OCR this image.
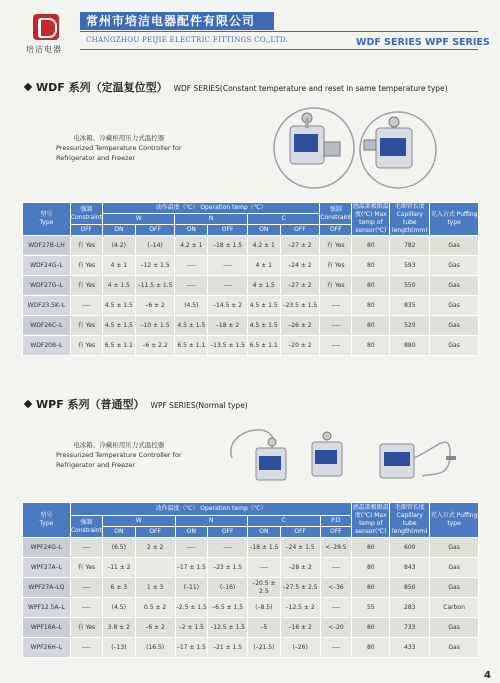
培洁电器
常州市培洁电器配件有限公司
CHANGZHOU PEIJIE ELECTRIC FITTINGS CO.,LTD.	WDF SERIES WPF SERIES
WDF 系列（定温复位型） WDF SERIES(Constant temperature and reset in same temperature type)
电冰箱、冷藏柜用压力式温控器
Pressurized Temperature Controller for
Refrigerator and Freezer
型号
Type	强制
Constraint	动作温度（℃） Operation temp（℃）						强制
Constraint	感温部极限温度(℃) Max temp of sensor(℃)	毛细管长度 Capillary tube length(mm)	充入方式 Puffing type
		W		N		C					
	OFF	ON	OFF	ON	OFF	ON	OFF	OFF			
WDF27B–LH	有 Yes	(4.2)	(–14)	4.2 ± 1	–18 ± 1.5	4.2 ± 1	–27 ± 2	有 Yes	80	782	Gas
WDF24G–L	有 Yes	4 ± 1	–12 ± 1.5	----	----	4 ± 1	–24 ± 2	有 Yes	80	593	Gas
WDF27G–L	有 Yes	4 ± 1.5	–11.5 ± 1.5	----	----	4 ± 1.5	–27 ± 2	有 Yes	80	550	Gas
WDF23.5K–L	----	4.5 ± 1.5	–6 ± 2	(4.5)	–14.5 ± 2	4.5 ± 1.5	–23.5 ± 1.5	----	80	835	Gas
WDF26C–L	有 Yes	4.5 ± 1.5	–10 ± 1.5	4.5 ± 1.5	–18 ± 2	4.5 ± 1.5	–26 ± 2	----	80	520	Gas
WDF20B–L	有 Yes	6.5 ± 1.1	–6 ± 2.2	6.5 ± 1.1	–13.5 ± 1.5	6.5 ± 1.1	–20 ± 2	----	80	880	Gas
WPF 系列（普通型） WPF SERIES(Normal type)
电冰箱、冷藏柜用压力式温控器
Pressurized Temperature Controller for
Refrigerator and Freezer
型号
Type	动作温度（℃） Operation temp（℃）								感温部极限温度(℃) Max temp of sensor(℃)	毛细管长度 Capillary tube length(mm)	充入方式 Puffing type
	强制
Constraint	W		N		C		P.D			
		ON	OFF	ON	OFF	ON	OFF	OFF			
WPF24G–L	----	(6.5)	2 ± 2	----	----	–18 ± 1.5	–24 ± 1.5	<–29.5	80	600	Gas
WPF27A–L	有 Yes	–11 ± 2		–17 ± 1.5	–23 ± 1.5	----	–28 ± 2	----	80	843	Gas
WPF27A–LQ	----	6 ± 3	1 ± 3	(–11)	(–16)	–20.5 ± 2.5	–27.5 ± 2.5	<–36	80	850	Gas
WPF12.5A–L	----	(4.5)	0.5 ± 2	–2.5 ± 1.5	–6.5 ± 1.5	(–8.5)	–12.5 ± 2	----	55	283	Carbon
WPF16A–L	有 Yes	3.8 ± 2	–6 ± 2	–2 ± 1.5	–12.5 ± 1.5	–5	–16 ± 2	<–20	80	733	Gas
WPF26H–L	----	(–13)	(16.5)	–17 ± 1.5	–21 ± 1.5	(–21.5)	(–26)	----	80	433	Gas
4
